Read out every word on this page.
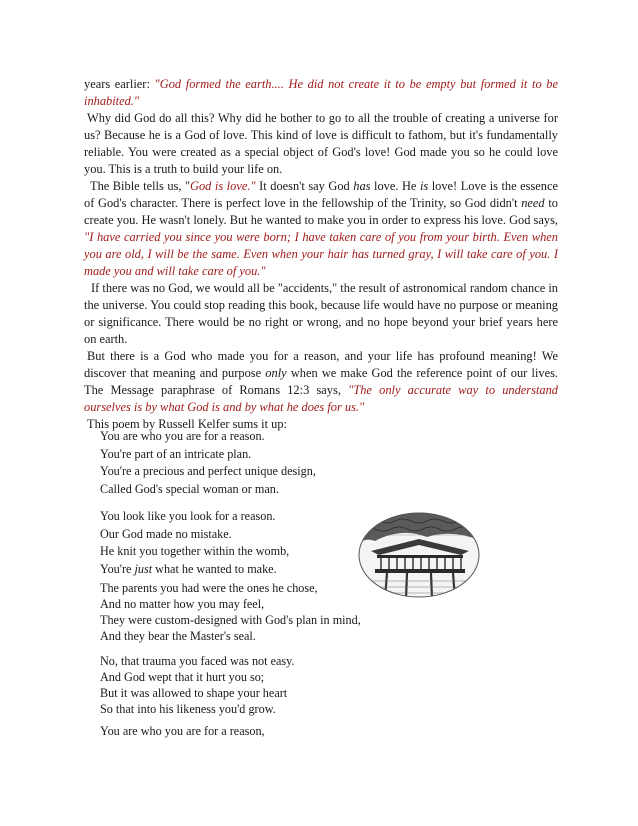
years earlier: "God formed the earth.... He did not create it to be empty but formed it to be inhabited."

Why did God do all this? Why did he bother to go to all the trouble of creating a universe for us? Because he is a God of love. This kind of love is difficult to fathom, but it's fundamentally reliable. You were created as a special object of God's love! God made you so he could love you. This is a truth to build your life on.

The Bible tells us, "God is love." It doesn't say God has love. He is love! Love is the essence of God's character. There is perfect love in the fellowship of the Trinity, so God didn't need to create you. He wasn't lonely. But he wanted to make you in order to express his love. God says, "I have carried you since you were born; I have taken care of you from your birth. Even when you are old, I will be the same. Even when your hair has turned gray, I will take care of you. I made you and will take care of you."

If there was no God, we would all be "accidents," the result of astronomical random chance in the universe. You could stop reading this book, because life would have no purpose or meaning or significance. There would be no right or wrong, and no hope beyond your brief years here on earth.

But there is a God who made you for a reason, and your life has profound meaning! We discover that meaning and purpose only when we make God the reference point of our lives. The Message paraphrase of Romans 12:3 says, "The only accurate way to understand ourselves is by what God is and by what he does for us."

This poem by Russell Kelfer sums it up:

You are who you are for a reason.
You're part of an intricate plan.
You're a precious and perfect unique design,
Called God's special woman or man.
You look like you look for a reason.
Our God made no mistake.
He knit you together within the womb,
You're just what he wanted to make.
The parents you had were the ones he chose,
And no matter how you may feel,
They were custom-designed with God's plan in mind,
And they bear the Master's seal.
No, that trauma you faced was not easy.
And God wept that it hurt you so;
But it was allowed to shape your heart
So that into his likeness you'd grow.
You are who you are for a reason,
